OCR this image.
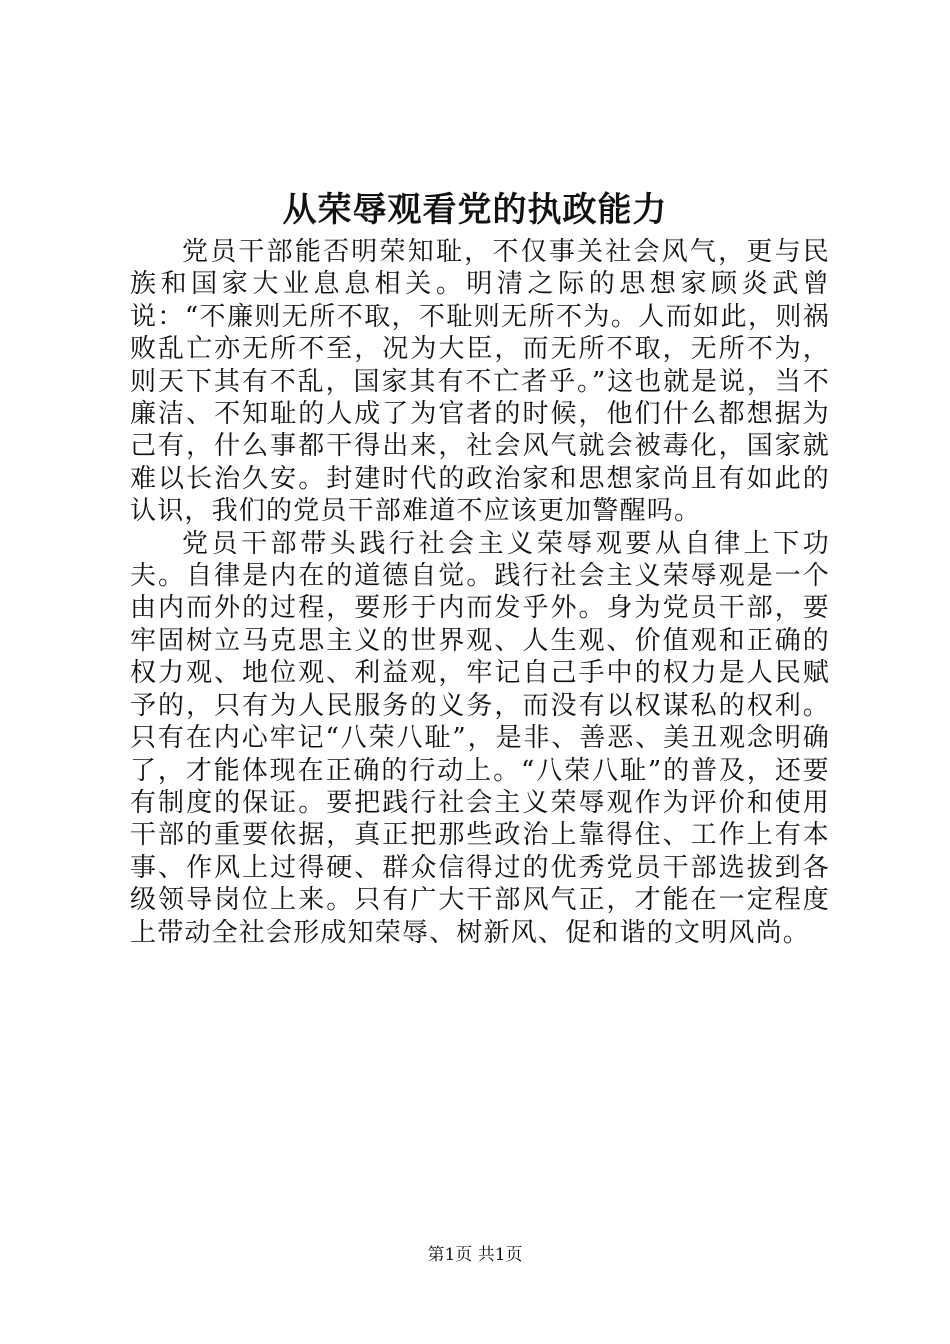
从荣辱观看党的执政能力

党员干部能否明荣知耻，不仅事关社会风气，更与民族和国家大业息息相关。明清之际的思想家顾炎武曾说：“不廉则无所不取，不耻则无所不为。人而如此，则祸败乱亡亦无所不至，况为大臣，而无所不取，无所不为，则天下其有不乱，国家其有不亡者乎。”这也就是说，当不廉洁、不知耻的人成了为官者的时候，他们什么都想据为己有，什么事都干得出来，社会风气就会被毒化，国家就难以长治久安。封建时代的政治家和思想家尚且有如此的认识，我们的党员干部难道不应该更加警醒吗。

党员干部带头践行社会主义荣辱观要从自律上下功夫。自律是内在的道德自觉。践行社会主义荣辱观是一个由内而外的过程，要形于内而发乎外。身为党员干部，要牢固树立马克思主义的世界观、人生观、价值观和正确的权力观、地位观、利益观，牢记自己手中的权力是人民赋予的，只有为人民服务的义务，而没有以权谋私的权利。只有在内心牢记“八荣八耻”，是非、善恶、美丑观念明确了，才能体现在正确的行动上。“八荣八耻”的普及，还要有制度的保证。要把践行社会主义荣辱观作为评价和使用干部的重要依据，真正把那些政治上靠得住、工作上有本事、作风上过得硬、群众信得过的优秀党员干部选拔到各级领导岗位上来。只有广大干部风气正，才能在一定程度上带动全社会形成知荣辱、树新风、促和谐的文明风尚。

第1页 共1页
